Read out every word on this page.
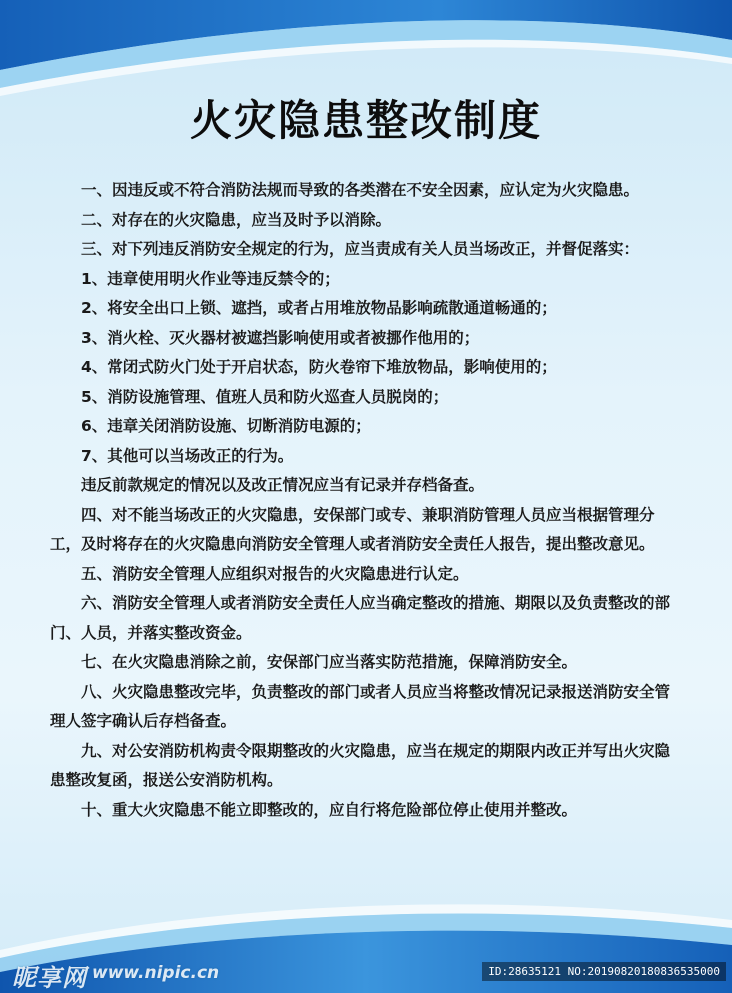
火灾隐患整改制度

一、因违反或不符合消防法规而导致的各类潜在不安全因素，应认定为火灾隐患。

二、对存在的火灾隐患，应当及时予以消除。

三、对下列违反消防安全规定的行为，应当责成有关人员当场改正，并督促落实：

1、违章使用明火作业等违反禁令的；

2、将安全出口上锁、遮挡，或者占用堆放物品影响疏散通道畅通的；

3、消火栓、灭火器材被遮挡影响使用或者被挪作他用的；

4、常闭式防火门处于开启状态，防火卷帘下堆放物品，影响使用的；

5、消防设施管理、值班人员和防火巡查人员脱岗的；

6、违章关闭消防设施、切断消防电源的；

7、其他可以当场改正的行为。

违反前款规定的情况以及改正情况应当有记录并存档备查。

四、对不能当场改正的火灾隐患，安保部门或专、兼职消防管理人员应当根据管理分工，及时将存在的火灾隐患向消防安全管理人或者消防安全责任人报告，提出整改意见。

五、消防安全管理人应组织对报告的火灾隐患进行认定。

六、消防安全管理人或者消防安全责任人应当确定整改的措施、期限以及负责整改的部门、人员，并落实整改资金。

七、在火灾隐患消除之前，安保部门应当落实防范措施，保障消防安全。

八、火灾隐患整改完毕，负责整改的部门或者人员应当将整改情况记录报送消防安全管理人签字确认后存档备查。

九、对公安消防机构责令限期整改的火灾隐患，应当在规定的期限内改正并写出火灾隐患整改复函，报送公安消防机构。

十、重大火灾隐患不能立即整改的，应自行将危险部位停止使用并整改。

昵享网 www.nipic.cn	ID:28635121 NO:20190820180836535000
